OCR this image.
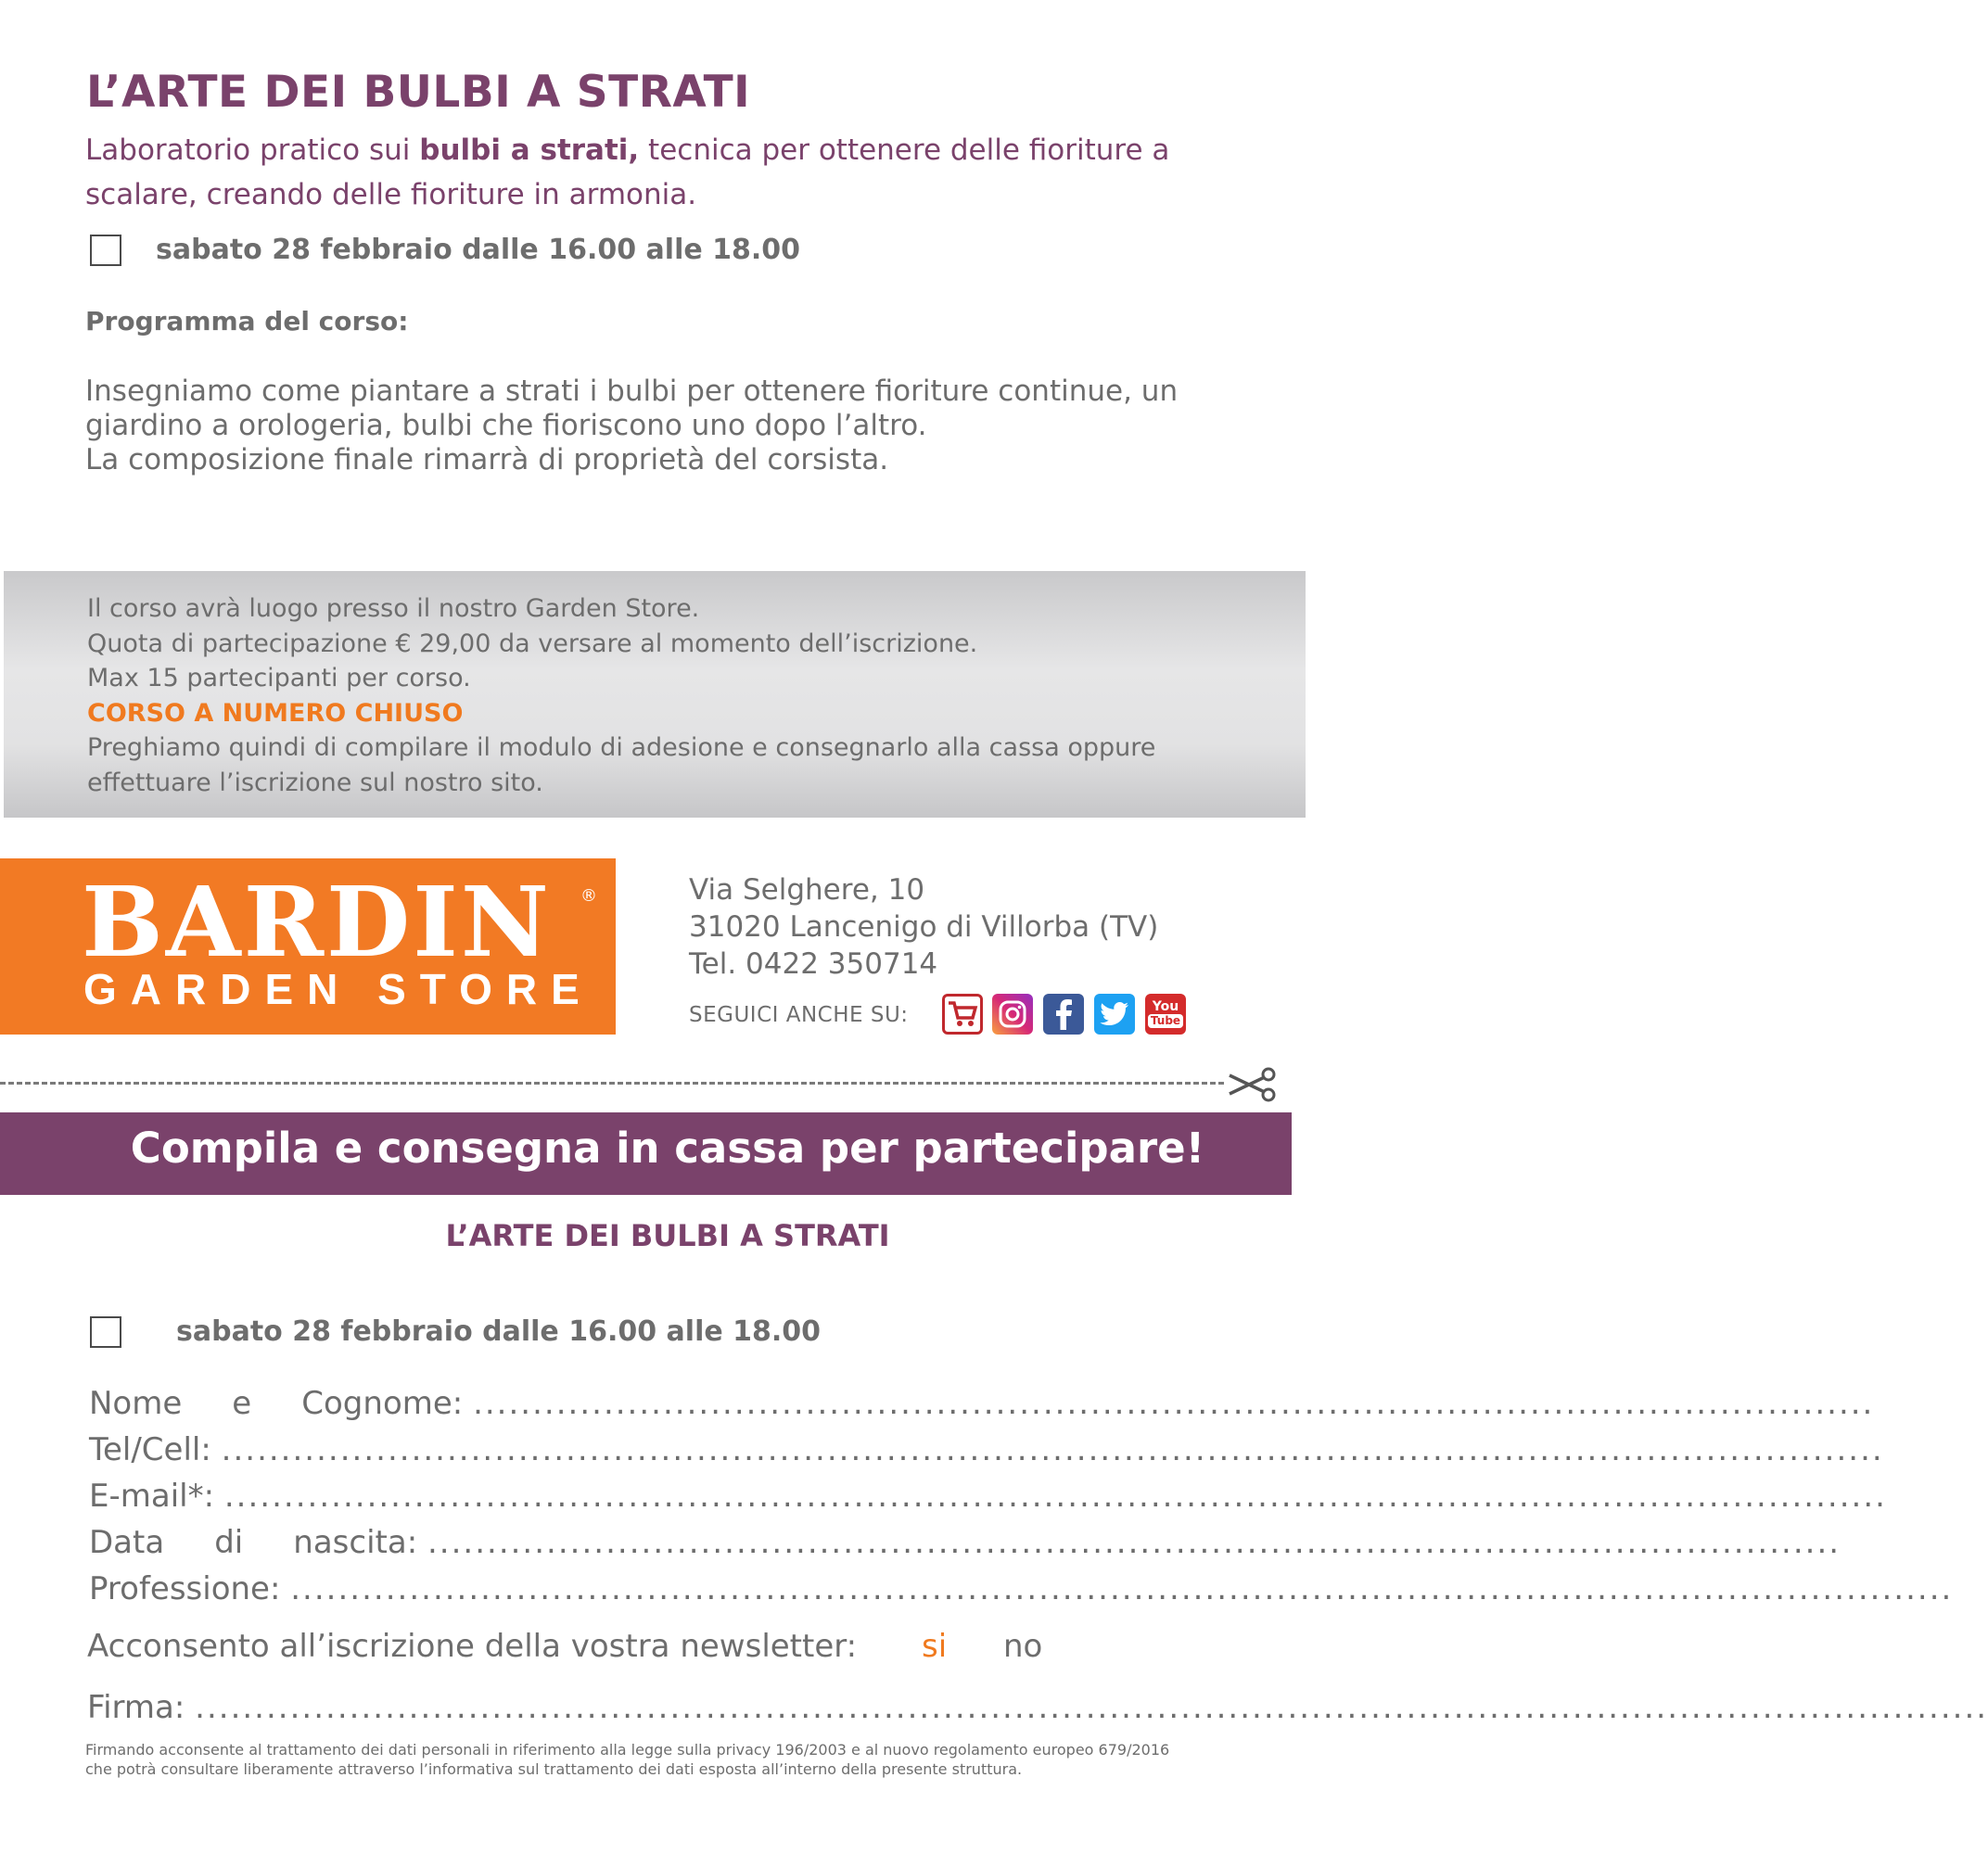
L’ARTE DEI BULBI A STRATI

Laboratorio pratico sui bulbi a strati, tecnica per ottenere delle fioriture a scalare, creando delle fioriture in armonia.

sabato 28 febbraio dalle 16.00 alle 18.00
Programma del corso:

Insegniamo come piantare a strati i bulbi per ottenere fioriture continue, un
giardino a orologeria, bulbi che fioriscono uno dopo l’altro.
La composizione finale rimarrà di proprietà del corsista.

Il corso avrà luogo presso il nostro Garden Store.
Quota di partecipazione € 29,00 da versare al momento dell’iscrizione.
Max 15 partecipanti per corso.
CORSO A NUMERO CHIUSO
Preghiamo quindi di compilare il modulo di adesione e consegnarlo alla cassa oppure
effettuare l’iscrizione sul nostro sito.

BARDIN ®
GARDEN STORE

Via Selghere, 10
31020 Lancenigo di Villorba (TV)
Tel. 0422 350714

SEGUICI ANCHE SU:	You
Tube
Compila e consegna in cassa per partecipare!
L’ARTE DEI BULBI A STRATI
sabato 28 febbraio dalle 16.00 alle 18.00
Nome     e     Cognome: ......................................................................................................................
Tel/Cell: ............................................................................................................................................
E-mail*: ............................................................................................................................................
Data     di     nascita: .......................................................................................................................
Professione: ............................................................................................................................................
Acconsento all’iscrizione della vostra newsletter: si no
Firma: .......................................................................................................................................................

Firmando acconsente al trattamento dei dati personali in riferimento alla legge sulla privacy 196/2003 e al nuovo regolamento europeo 679/2016
che potrà consultare liberamente attraverso l’informativa sul trattamento dei dati esposta all’interno della presente struttura.
